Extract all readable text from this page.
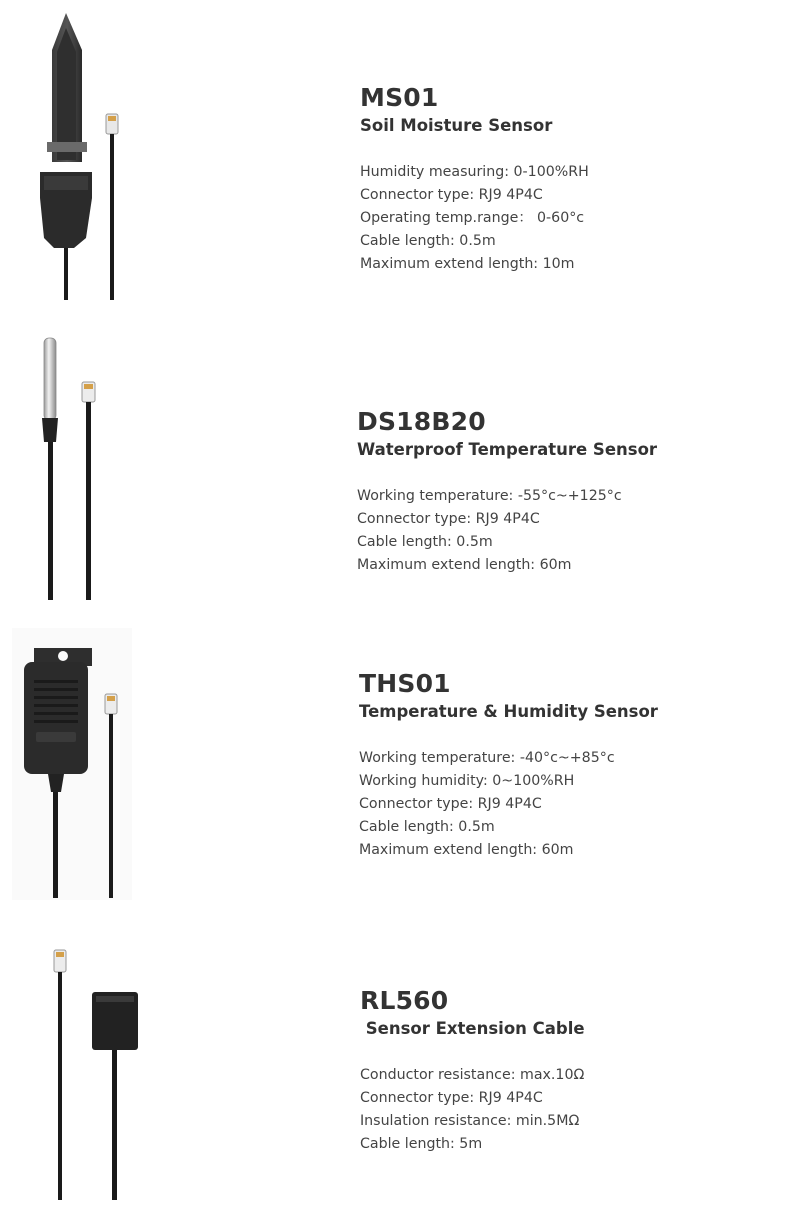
MS01
Soil Moisture Sensor
Humidity measuring: 0-100%RH
Connector type: RJ9 4P4C
Operating temp.range： 0-60°c
Cable length: 0.5m
Maximum extend length: 10m
DS18B20
Waterproof Temperature Sensor
Working temperature: -55°c~+125°c
Connector type: RJ9 4P4C
Cable length: 0.5m
Maximum extend length: 60m
THS01
Temperature & Humidity Sensor
Working temperature: -40°c~+85°c
Working humidity: 0~100%RH
Connector type: RJ9 4P4C
Cable length: 0.5m
Maximum extend length: 60m
RL560
Sensor Extension Cable
Conductor resistance: max.10Ω
Connector type: RJ9 4P4C
Insulation resistance: min.5MΩ
Cable length: 5m
